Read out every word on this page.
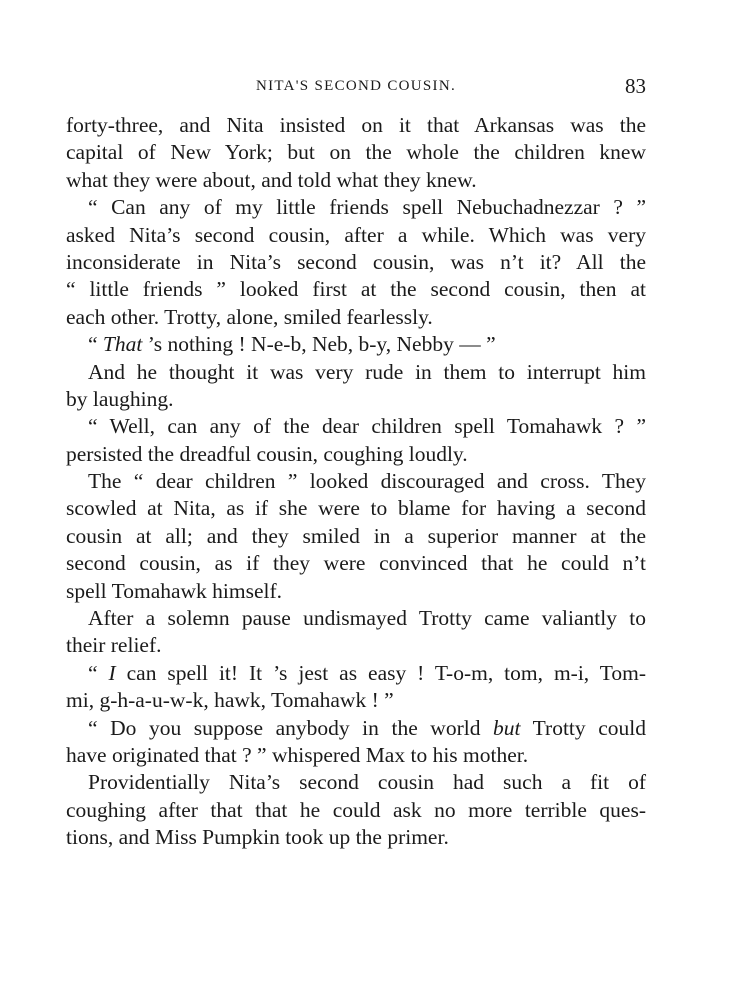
NITA'S SECOND COUSIN.	83
forty-three, and Nita insisted on it that Arkansas was the
capital of New York; but on the whole the children knew
what they were about, and told what they knew.
“ Can any of my little friends spell Nebuchadnezzar ? ”
asked Nita’s second cousin, after a while. Which was very
inconsiderate in Nita’s second cousin, was n’t it? All the
“ little friends ” looked first at the second cousin, then at
each other. Trotty, alone, smiled fearlessly.
“ That ’s nothing ! N-e-b, Neb, b-y, Nebby — ”
And he thought it was very rude in them to interrupt him
by laughing.
“ Well, can any of the dear children spell Tomahawk ? ”
persisted the dreadful cousin, coughing loudly.
The “ dear children ” looked discouraged and cross. They
scowled at Nita, as if she were to blame for having a second
cousin at all; and they smiled in a superior manner at the
second cousin, as if they were convinced that he could n’t
spell Tomahawk himself.
After a solemn pause undismayed Trotty came valiantly to
their relief.
“ I can spell it! It ’s jest as easy ! T-o-m, tom, m-i, Tom-
mi, g-h-a-u-w-k, hawk, Tomahawk ! ”
“ Do you suppose anybody in the world but Trotty could
have originated that ? ” whispered Max to his mother.
Providentially Nita’s second cousin had such a fit of
coughing after that that he could ask no more terrible ques-
tions, and Miss Pumpkin took up the primer.
